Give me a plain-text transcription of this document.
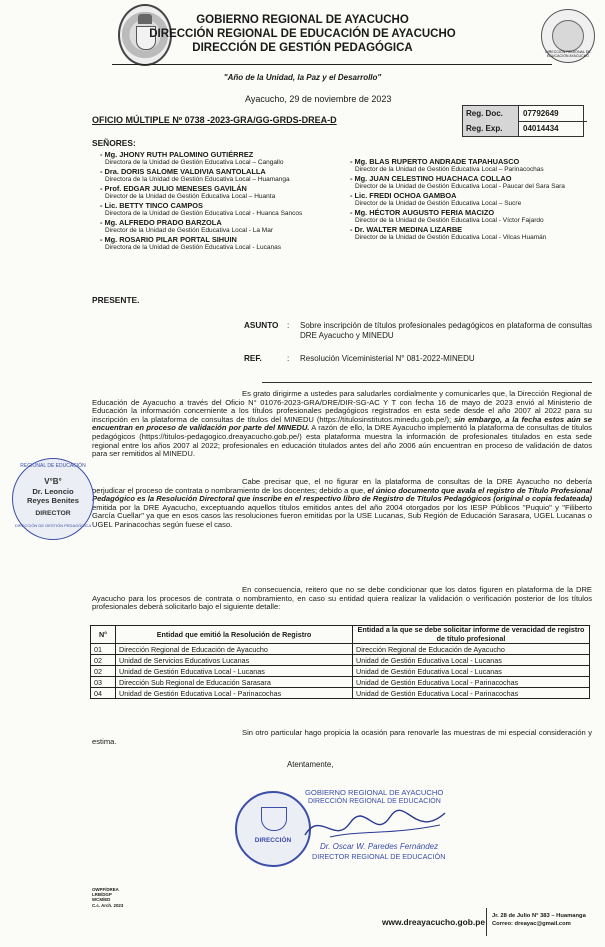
DIRECCIÓN REGIONAL DE EDUCACIÓN AYACUCHO
GOBIERNO REGIONAL DE AYACUCHO
DIRECCIÓN REGIONAL DE EDUCACIÓN DE AYACUCHO
DIRECCIÓN DE GESTIÓN PEDAGÓGICA
"Año de la Unidad, la Paz y el Desarrollo"
Ayacucho, 29 de noviembre de 2023
Reg. Doc.	07792649
Reg. Exp.	04014434
OFICIO MÚLTIPLE Nº 0738 -2023-GRA/GG-GRDS-DREA-D
SEÑORES:
- Mg. JHONY RUTH PALOMINO GUTIÉRREZ
Directora de la Unidad de Gestión Educativa Local – Cangallo
- Dra. DORIS SALOME VALDIVIA SANTOLALLA
Directora de la Unidad de Gestión Educativa Local – Huamanga
- Prof. EDGAR JULIO MENESES GAVILÁN
Director de la Unidad de Gestión Educativa Local – Huanta
- Lic. BETTY TINCO CAMPOS
Directora de la Unidad de Gestión Educativa Local - Huanca Sancos
- Mg. ALFREDO PRADO BARZOLA
Director de la Unidad de Gestión Educativa Local - La Mar
- Mg. ROSARIO PILAR PORTAL SIHUIN
Directora de la Unidad de Gestión Educativa Local - Lucanas
- Mg. BLAS RUPERTO ANDRADE TAPAHUASCO
Director de la Unidad de Gestión Educativa Local – Parinacochas
- Mg. JUAN CELESTINO HUACHACA COLLAO
Director de la Unidad de Gestión Educativa Local - Paucar del Sara Sara
- Lic. FREDI OCHOA GAMBOA
Director de la Unidad de Gestión Educativa Local – Sucre
- Mg. HÉCTOR AUGUSTO FERIA MACIZO
Director de la Unidad de Gestión Educativa Local - Víctor Fajardo
- Dr. WALTER MEDINA LIZARBE
Director de la Unidad de Gestión Educativa Local - Vilcas Huamán
PRESENTE.
ASUNTO : Sobre inscripción de títulos profesionales pedagógicos en plataforma de consultas DRE Ayacucho y MINEDU
REF.	: Resolución Viceministerial N° 081-2022-MINEDU
Es grato dirigirme a ustedes para saludarles cordialmente y comunicarles que, la Dirección Regional de Educación de Ayacucho a través del Oficio N° 01076-2023-GRA/DRE/DIR-SG-AC Y T con fecha 16 de mayo de 2023 envió al Ministerio de Educación la información concerniente a los títulos profesionales pedagógicos registrados en esta sede desde el año 2007 al 2022 para su inscripción en la plataforma de consultas de títulos del MINEDU (https://titulosinstitutos.minedu.gob.pe/); sin embargo, a la fecha estos aún se encuentran en proceso de validación por parte del MINEDU. A razón de ello, la DRE Ayacucho implementó la plataforma de consultas de títulos pedagógicos (https://titulos-pedagogico.dreayacucho.gob.pe/) esta plataforma muestra la información de profesionales titulados en esta sede regional entre los años 2007 al 2022; profesionales en educación titulados antes del año 2006 aún encuentran en proceso de validación de datos para ser remitidos al MINEDU.
Cabe precisar que, el no figurar en la plataforma de consultas de la DRE Ayacucho no debería perjudicar el proceso de contrata o nombramiento de los docentes; debido a que, el único documento que avala el registro de Título Profesional Pedagógico es la Resolución Directoral que inscribe en el respectivo libro de Registro de Títulos Pedagógicos (original o copia fedateada) emitida por la DRE Ayacucho, exceptuando aquellos títulos emitidos antes del año 2004 otorgados por los IESP Públicos "Puquio" y "Filiberto García Cuellar" ya que en esos casos las resoluciones fueron emitidas por la USE Lucanas, Sub Región de Educación Sarasara, UGEL Lucanas o UGEL Parinacochas según fuese el caso.
En consecuencia, reitero que no se debe condicionar que los datos figuren en plataforma de la DRE Ayacucho para los procesos de contrata o nombramiento, en caso su entidad quiera realizar la validación o verificación posterior de los títulos profesionales deberá solicitarlo bajo el siguiente detalle:
N°	Entidad que emitió la Resolución de Registro	Entidad a la que se debe solicitar informe de veracidad de registro de título profesional
01	Dirección Regional de Educación de Ayacucho	Dirección Regional de Educación de Ayacucho
02	Unidad de Servicios Educativos Lucanas	Unidad de Gestión Educativa Local - Lucanas
02	Unidad de Gestión Educativa Local - Lucanas	Unidad de Gestión Educativa Local - Lucanas
03	Dirección Sub Regional de Educación Sarasara	Unidad de Gestión Educativa Local - Parinacochas
04	Unidad de Gestión Educativa Local - Parinacochas	Unidad de Gestión Educativa Local - Parinacochas
Sin otro particular hago propicia la ocasión para renovarle las muestras de mi especial consideración y estima.
Atentamente,
REGIONAL DE EDUCACIÓN
V°B°
Dr. Leoncio
Reyes Benites
DIRECTOR
DIRECCIÓN DE GESTIÓN PEDAGÓGICA
DIRECCIÓN
GOBIERNO REGIONAL DE AYACUCHO
DIRECCIÓN REGIONAL DE EDUCACIÓN
Dr. Oscar W. Paredes Fernández
DIRECTOR REGIONAL DE EDUCACIÓN
OWPF/DREA
LRB/DGP
WCM/ED
C.c. Arch. 2023
www.dreayacucho.gob.pe
Jr. 28 de Julio N° 383 – Huamanga
Correo: dreayac@gmail.com
